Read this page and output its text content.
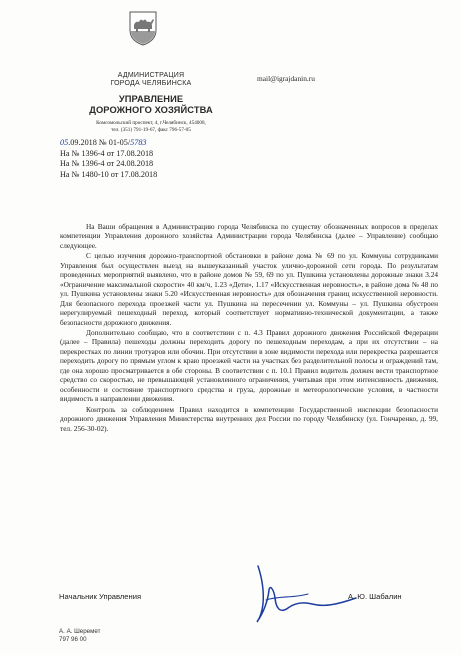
АДМИНИСТРАЦИЯ
ГОРОДА ЧЕЛЯБИНСКА
УПРАВЛЕНИЕ
ДОРОЖНОГО ХОЗЯЙСТВА
Комсомольский проспект, 4, г.Челябинск, 454008,
тел. (351) 791-19-67, факс 796-57-05
mail@igrajdanin.ru
05.09.2018 № 01-05/5783
На № 1396-4 от 17.08.2018
На № 1396-4 от 24.08.2018
На № 1480-10 от 17.08.2018

На Ваши обращения в Администрацию города Челябинска по существу обозначенных вопросов в пределах компетенции Управления дорожного хозяйства Администрации города Челябинска (далее – Управление) сообщаю следующее.

С целью изучения дорожно-транспортной обстановки в районе дома № 69 по ул. Коммуны сотрудниками Управления был осуществлен выезд на вышеуказанный участок улично-дорожной сети города. По результатам проведенных мероприятий выявлено, что в районе домов № 59, 69 по ул. Пушкина установлены дорожные знаки 3.24 «Ограничение максимальной скорости» 40 км/ч, 1.23 «Дети», 1.17 «Искусственная неровность», в районе дома № 48 по ул. Пушкина установлены знаки 5.20 «Искусственная неровность» для обозначения границ искусственной неровности. Для безопасного перехода проезжей части ул. Пушкина на пересечении ул. Коммуны – ул. Пушкина обустроен нерегулируемый пешеходный переход, который соответствует нормативно-технической документации, а также безопасности дорожного движения.

Дополнительно сообщаю, что в соответствии с п. 4.3 Правил дорожного движения Российской Федерации (далее – Правила) пешеходы должны переходить дорогу по пешеходным переходам, а при их отсутствии – на перекрестках по линии тротуаров или обочин. При отсутствии в зоне видимости перехода или перекрестка разрешается переходить дорогу по прямым углом к краю проезжей части на участках без разделительной полосы и ограждений там, где она хорошо просматривается в обе стороны. В соответствии с п. 10.1 Правил водитель должен вести транспортное средство со скоростью, не превышающей установленного ограничения, учитывая при этом интенсивность движения, особенности и состояние транспортного средства и груза, дорожные и метеорологические условия, в частности видимость в направлении движения.

Контроль за соблюдением Правил находится в компетенции Государственной инспекции безопасности дорожного движения Управления Министерства внутренних дел России по городу Челябинску (ул. Гончаренко, д. 99, тел. 256-30-02).

Начальник Управления	А. Ю. Шабалин
А. А. Шеремет
797 96 00
